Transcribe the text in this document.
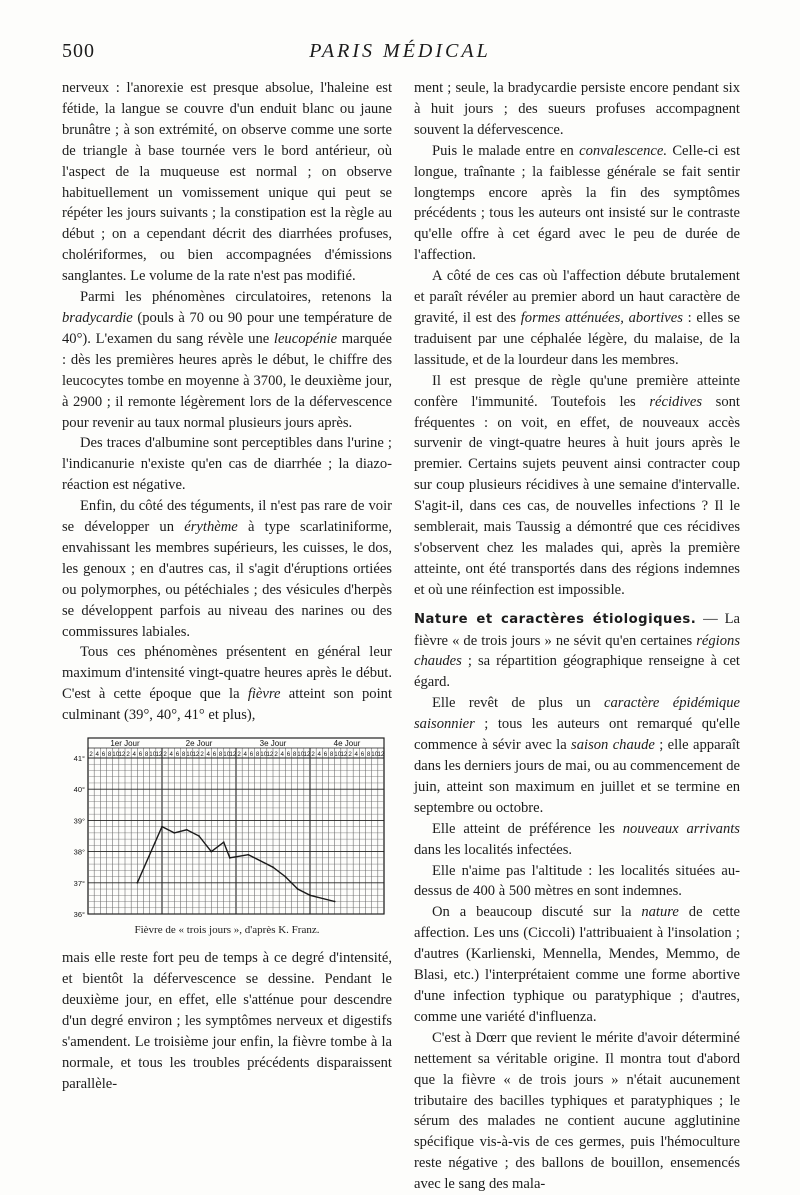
500	PARIS MÉDICAL

nerveux : l'anorexie est presque absolue, l'haleine est fétide, la langue se couvre d'un enduit blanc ou jaune brunâtre ; à son extrémité, on observe comme une sorte de triangle à base tournée vers le bord antérieur, où l'aspect de la muqueuse est normal ; on observe habituellement un vomissement unique qui peut se répéter les jours suivants ; la constipation est la règle au début ; on a cependant décrit des diarrhées profuses, cholériformes, ou bien accompagnées d'émissions sanglantes. Le volume de la rate n'est pas modifié.

Parmi les phénomènes circulatoires, retenons la bradycardie (pouls à 70 ou 90 pour une température de 40°). L'examen du sang révèle une leucopénie marquée : dès les premières heures après le début, le chiffre des leucocytes tombe en moyenne à 3700, le deuxième jour, à 2900 ; il remonte légèrement lors de la défervescence pour revenir au taux normal plusieurs jours après.

Des traces d'albumine sont perceptibles dans l'urine ; l'indicanurie n'existe qu'en cas de diarrhée ; la diazo-réaction est négative.

Enfin, du côté des téguments, il n'est pas rare de voir se développer un érythème à type scarlatiniforme, envahissant les membres supérieurs, les cuisses, le dos, les genoux ; en d'autres cas, il s'agit d'éruptions ortiées ou polymorphes, ou pétéchiales ; des vésicules d'herpès se développent parfois au niveau des narines ou des commissures labiales.

Tous ces phénomènes présentent en général leur maximum d'intensité vingt-quatre heures après le début. C'est à cette époque que la fièvre atteint son point culminant (39°, 40°, 41° et plus),

1er Jour	2e Jour	3e Jour	4e Jour
2 4 6 8 10 12 2 4 6 8 10 12 2 4 6 8 10 12 2 4 6 8 10 12 2 4 6 8 10 12 2 4 6 8 10 12 2 4 6 8 10 12 2 4 6 8 10 12
41°
40°
39°
38°
37°
36°
Fièvre de « trois jours », d'après K. Franz.

mais elle reste fort peu de temps à ce degré d'intensité, et bientôt la défervescence se dessine. Pendant le deuxième jour, en effet, elle s'atténue pour descendre d'un degré environ ; les symptômes nerveux et digestifs s'amendent. Le troisième jour enfin, la fièvre tombe à la normale, et tous les troubles précédents disparaissent parallèle-

ment ; seule, la bradycardie persiste encore pendant six à huit jours ; des sueurs profuses accompagnent souvent la défervescence.

Puis le malade entre en convalescence. Celle-ci est longue, traînante ; la faiblesse générale se fait sentir longtemps encore après la fin des symptômes précédents ; tous les auteurs ont insisté sur le contraste qu'elle offre à cet égard avec le peu de durée de l'affection.

A côté de ces cas où l'affection débute brutalement et paraît révéler au premier abord un haut caractère de gravité, il est des formes atténuées, abortives : elles se traduisent par une céphalée légère, du malaise, de la lassitude, et de la lourdeur dans les membres.

Il est presque de règle qu'une première atteinte confère l'immunité. Toutefois les récidives sont fréquentes : on voit, en effet, de nouveaux accès survenir de vingt-quatre heures à huit jours après le premier. Certains sujets peuvent ainsi contracter coup sur coup plusieurs récidives à une semaine d'intervalle. S'agit-il, dans ces cas, de nouvelles infections ? Il le semblerait, mais Taussig a démontré que ces récidives s'observent chez les malades qui, après la première atteinte, ont été transportés dans des régions indemnes et où une réinfection est impossible.

Nature et caractères étiologiques. — La fièvre « de trois jours » ne sévit qu'en certaines régions chaudes ; sa répartition géographique renseigne à cet égard.

Elle revêt de plus un caractère épidémique saisonnier ; tous les auteurs ont remarqué qu'elle commence à sévir avec la saison chaude ; elle apparaît dans les derniers jours de mai, ou au commencement de juin, atteint son maximum en juillet et se termine en septembre ou octobre.

Elle atteint de préférence les nouveaux arrivants dans les localités infectées.

Elle n'aime pas l'altitude : les localités situées au-dessus de 400 à 500 mètres en sont indemnes.

On a beaucoup discuté sur la nature de cette affection. Les uns (Ciccoli) l'attribuaient à l'insolation ; d'autres (Karlienski, Mennella, Mendes, Memmo, de Blasi, etc.) l'interprétaient comme une forme abortive d'une infection typhique ou paratyphique ; d'autres, comme une variété d'influenza.

C'est à Dœrr que revient le mérite d'avoir déterminé nettement sa véritable origine. Il montra tout d'abord que la fièvre « de trois jours » n'était aucunement tributaire des bacilles typhiques et paratyphiques ; le sérum des malades ne contient aucune agglutinine spécifique vis-à-vis de ces germes, puis l'hémoculture reste négative ; des ballons de bouillon, ensemencés avec le sang des mala-
